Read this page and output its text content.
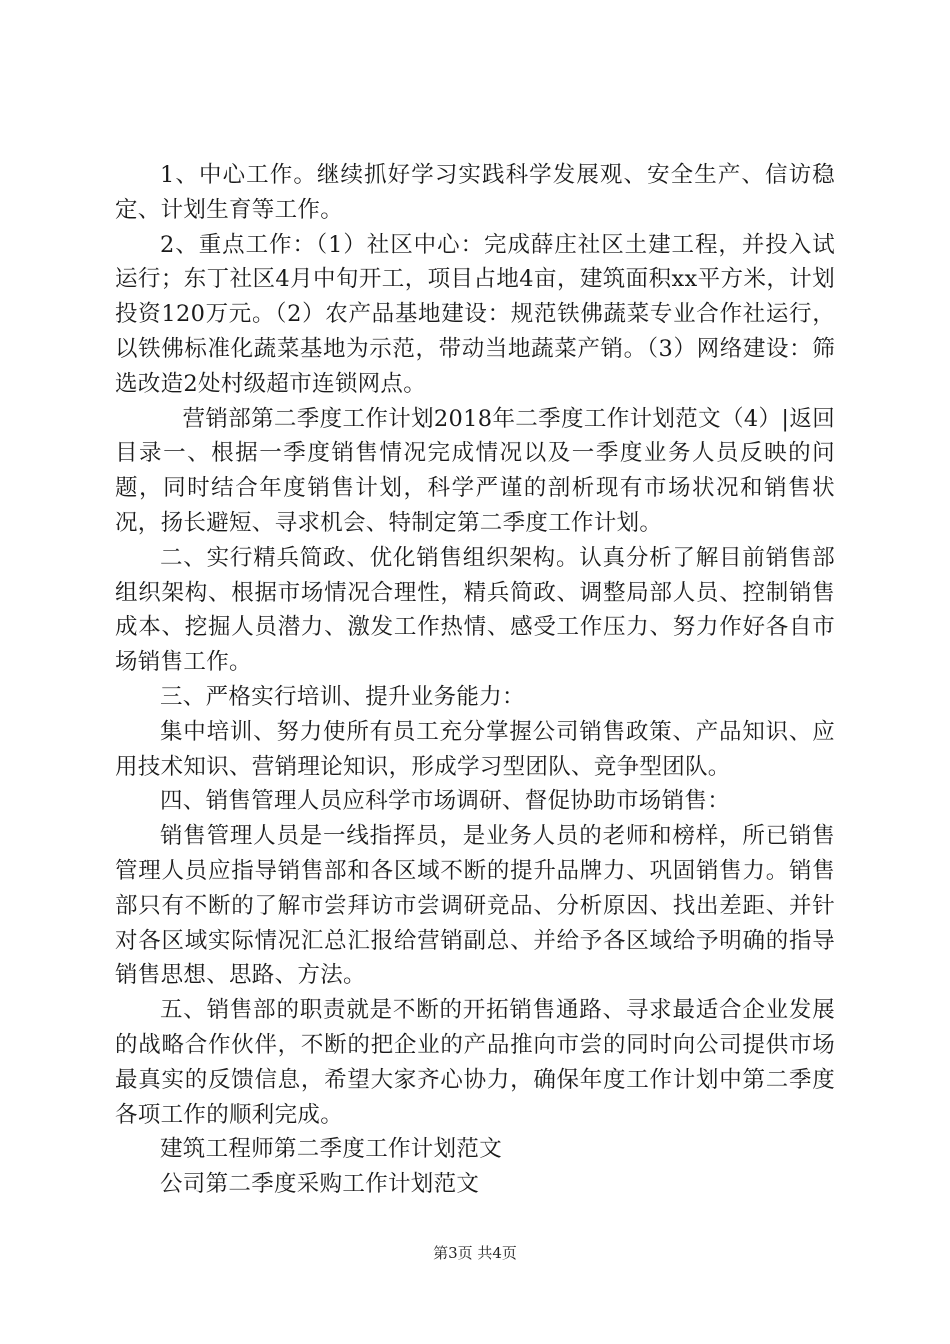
1、中心工作。继续抓好学习实践科学发展观、安全生产、信访稳定、计划生育等工作。

2、重点工作：（1）社区中心：完成薛庄社区土建工程，并投入试运行；东丁社区4月中旬开工，项目占地4亩，建筑面积xx平方米，计划投资120万元。（2）农产品基地建设：规范铁佛蔬菜专业合作社运行，以铁佛标准化蔬菜基地为示范，带动当地蔬菜产销。（3）网络建设：筛选改造2处村级超市连锁网点。

营销部第二季度工作计划2018年二季度工作计划范文（4）|返回目录一、根据一季度销售情况完成情况以及一季度业务人员反映的问题，同时结合年度销售计划，科学严谨的剖析现有市场状况和销售状况，扬长避短、寻求机会、特制定第二季度工作计划。

二、实行精兵简政、优化销售组织架构。认真分析了解目前销售部组织架构、根据市场情况合理性，精兵简政、调整局部人员、控制销售成本、挖掘人员潜力、激发工作热情、感受工作压力、努力作好各自市场销售工作。

三、严格实行培训、提升业务能力：

集中培训、努力使所有员工充分掌握公司销售政策、产品知识、应用技术知识、营销理论知识，形成学习型团队、竞争型团队。

四、销售管理人员应科学市场调研、督促协助市场销售：

销售管理人员是一线指挥员，是业务人员的老师和榜样，所已销售管理人员应指导销售部和各区域不断的提升品牌力、巩固销售力。销售部只有不断的了解市尝拜访市尝调研竞品、分析原因、找出差距、并针对各区域实际情况汇总汇报给营销副总、并给予各区域给予明确的指导销售思想、思路、方法。

五、销售部的职责就是不断的开拓销售通路、寻求最适合企业发展的战略合作伙伴，不断的把企业的产品推向市尝的同时向公司提供市场最真实的反馈信息，希望大家齐心协力，确保年度工作计划中第二季度各项工作的顺利完成。

建筑工程师第二季度工作计划范文

公司第二季度采购工作计划范文

第3页 共4页
